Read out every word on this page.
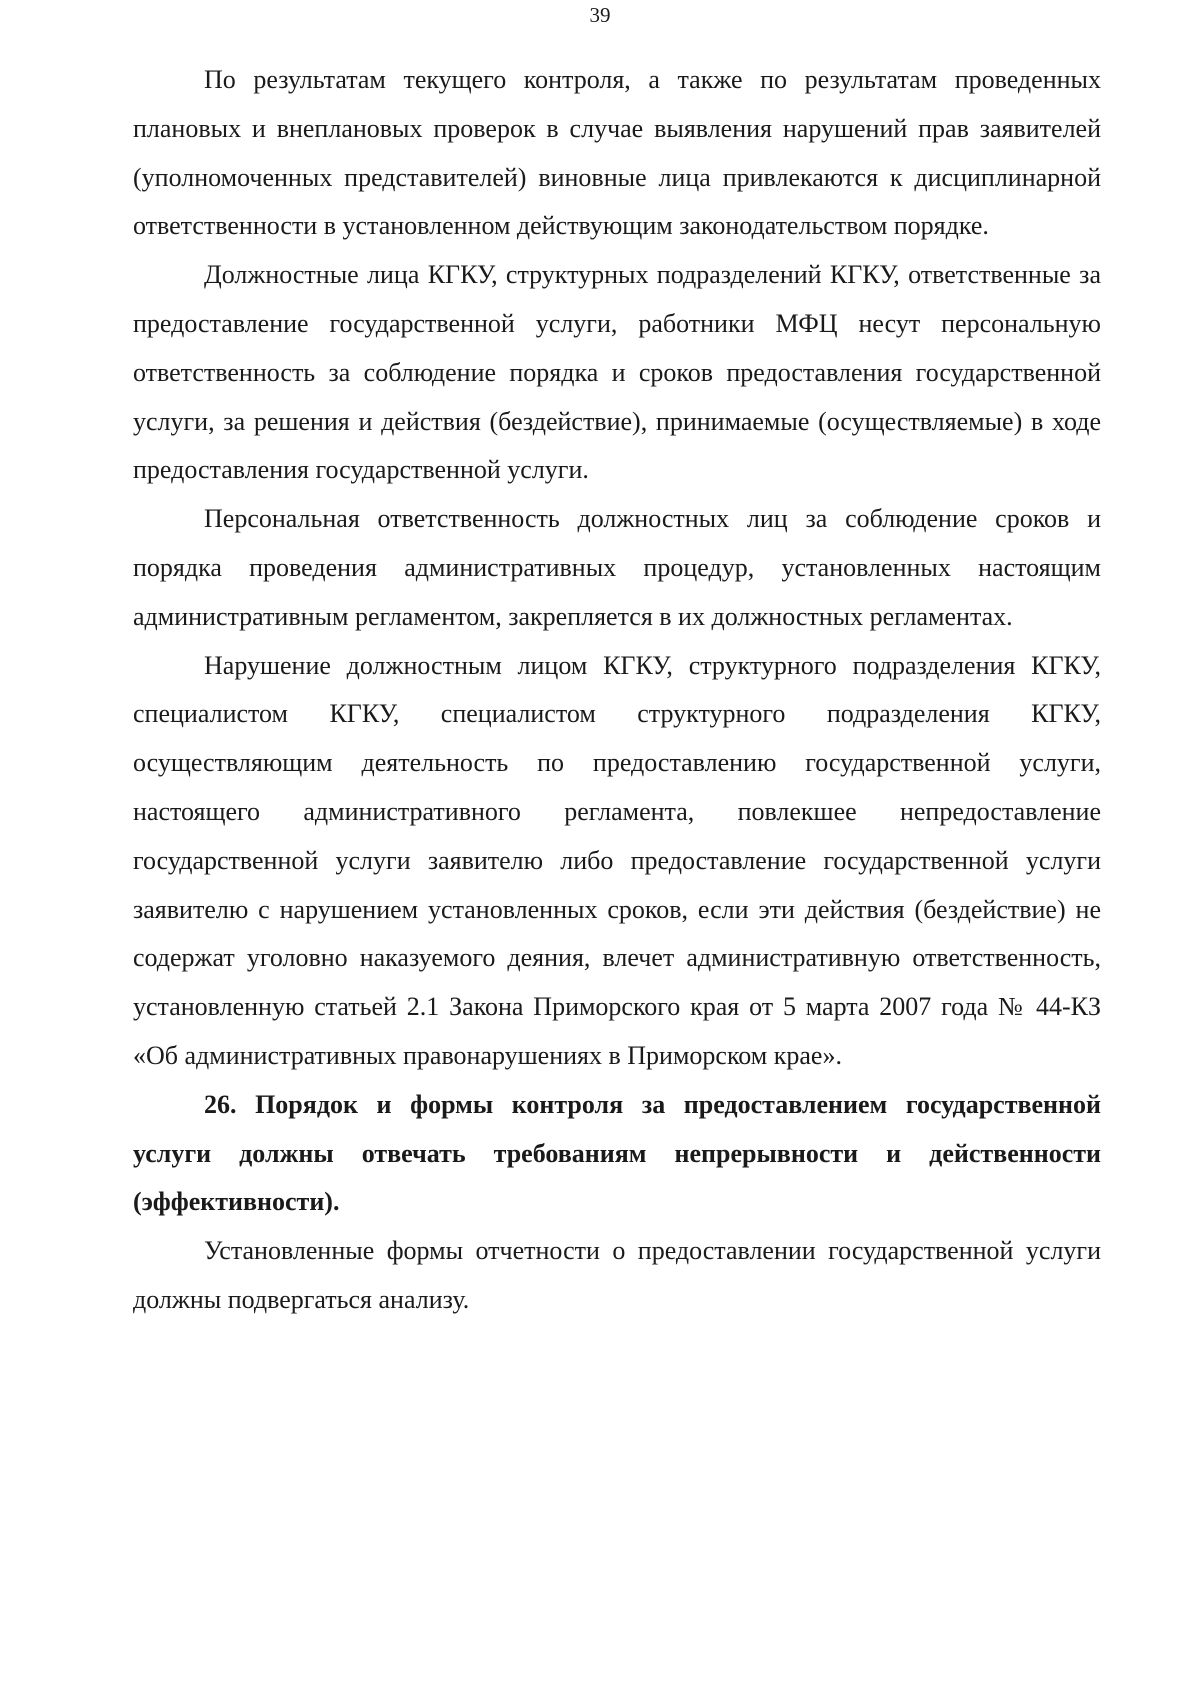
39

По результатам текущего контроля, а также по результатам проведенных плановых и внеплановых проверок в случае выявления нарушений прав заявителей (уполномоченных представителей) виновные лица привлекаются к дисциплинарной ответственности в установленном действующим законодательством порядке.

Должностные лица КГКУ, структурных подразделений КГКУ, ответственные за предоставление государственной услуги, работники МФЦ несут персональную ответственность за соблюдение порядка и сроков предоставления государственной услуги, за решения и действия (бездействие), принимаемые (осуществляемые) в ходе предоставления государственной услуги.

Персональная ответственность должностных лиц за соблюдение сроков и порядка проведения административных процедур, установленных настоящим административным регламентом, закрепляется в их должностных регламентах.

Нарушение должностным лицом КГКУ, структурного подразделения КГКУ, специалистом КГКУ, специалистом структурного подразделения КГКУ, осуществляющим деятельность по предоставлению государственной услуги, настоящего административного регламента, повлекшее непредоставление государственной услуги заявителю либо предоставление государственной услуги заявителю с нарушением установленных сроков, если эти действия (бездействие) не содержат уголовно наказуемого деяния, влечет административную ответственность, установленную статьей 2.1 Закона Приморского края от 5 марта 2007 года № 44-КЗ «Об административных правонарушениях в Приморском крае».

26. Порядок и формы контроля за предоставлением государственной услуги должны отвечать требованиям непрерывности и действенности (эффективности).

Установленные формы отчетности о предоставлении государственной услуги должны подвергаться анализу.
